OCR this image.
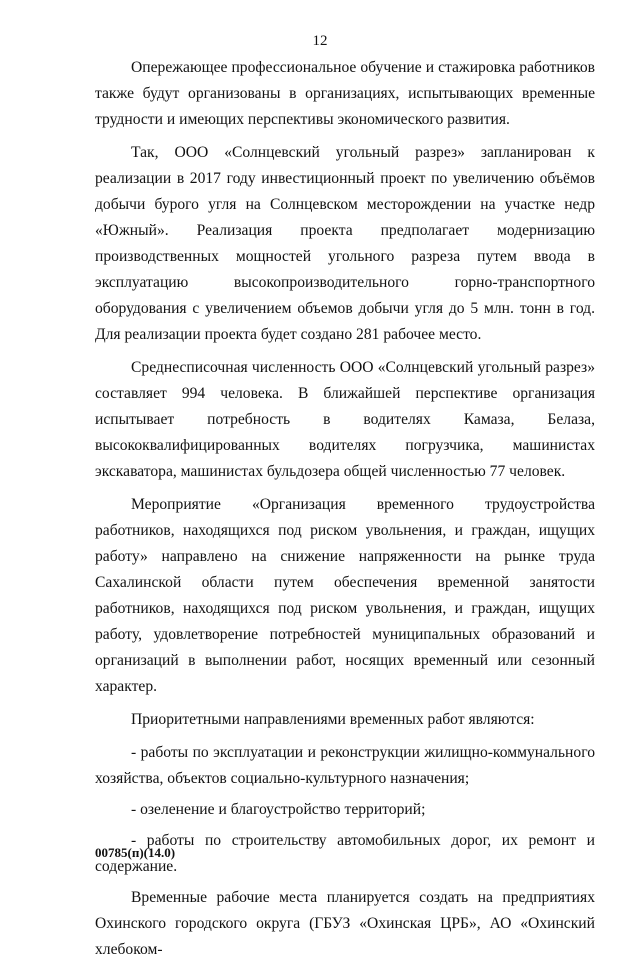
12

Опережающее профессиональное обучение и стажировка работников также будут организованы в организациях, испытывающих временные трудности и имеющих перспективы экономического развития.

Так, ООО «Солнцевский угольный разрез» запланирован к реализации в 2017 году инвестиционный проект по увеличению объёмов добычи бурого угля на Солнцевском месторождении на участке недр «Южный». Реализация проекта предполагает модернизацию производственных мощностей угольного разреза путем ввода в эксплуатацию высокопроизводительного горно-транспортного оборудования с увеличением объемов добычи угля до 5 млн. тонн в год. Для реализации проекта будет создано 281 рабочее место.

Среднесписочная численность ООО «Солнцевский угольный разрез» составляет 994 человека. В ближайшей перспективе организация испытывает потребность в водителях Камаза, Белаза, высококвалифицированных водителях погрузчика, машинистах экскаватора, машинистах бульдозера общей численностью 77 человек.

Мероприятие «Организация временного трудоустройства работников, находящихся под риском увольнения, и граждан, ищущих работу» направлено на снижение напряженности на рынке труда Сахалинской области путем обеспечения временной занятости работников, находящихся под риском увольнения, и граждан, ищущих работу, удовлетворение потребностей муниципальных образований и организаций в выполнении работ, носящих временный или сезонный характер.

Приоритетными направлениями временных работ являются:

- работы по эксплуатации и реконструкции жилищно-коммунального хозяйства, объектов социально-культурного назначения;

- озеленение и благоустройство территорий;

- работы по строительству автомобильных дорог, их ремонт и содержание.

Временные рабочие места планируется создать на предприятиях Охинского городского округа (ГБУЗ «Охинская ЦРБ», АО «Охинский хлебоком-

00785(п)(14.0)
